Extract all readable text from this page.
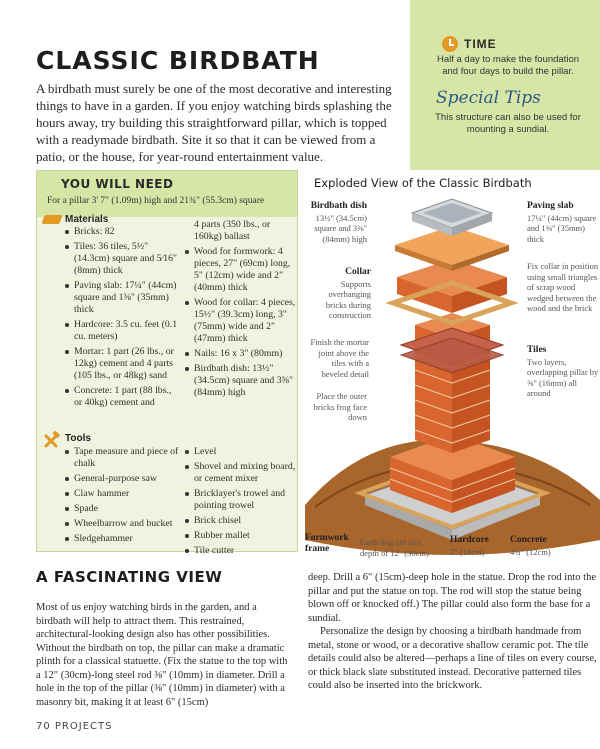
TIME
Half a day to make the foundation and four days to build the pillar.
Special Tips
This structure can also be used for mounting a sundial.
CLASSIC BIRDBATH

A birdbath must surely be one of the most decorative and interesting things to have in a garden. If you enjoy watching birds splashing the hours away, try building this straightforward pillar, which is topped with a readymade birdbath. Site it so that it can be viewed from a patio, or the house, for year-round entertainment value.

YOU WILL NEED
For a pillar 3' 7" (1.09m) high and 21¾" (55.3cm) square
Materials
Bricks: 82
Tiles: 36 tiles, 5½" (14.3cm) square and 5⁄16" (8mm) thick
Paving slab: 17¼" (44cm) square and 1⅜" (35mm) thick
Hardcore: 3.5 cu. feet (0.1 cu. meters)
Mortar: 1 part (26 lbs., or 12kg) cement and 4 parts (105 lbs., or 48kg) sand
Concrete: 1 part (88 lbs., or 40kg) cement and
4 parts (350 lbs., or 160kg) ballast
Wood for formwork: 4 pieces, 27" (69cm) long, 5" (12cm) wide and 2" (40mm) thick
Wood for collar: 4 pieces, 15½" (39.3cm) long, 3" (75mm) wide and 2" (47mm) thick
Nails: 16 x 3" (80mm)
Birdbath dish: 13½" (34.5cm) square and 3⅜" (84mm) high
Tools
Tape measure and piece of chalk
General-purpose saw
Claw hammer
Spade
Wheelbarrow and bucket
Sledgehammer
Level
Shovel and mixing board, or cement mixer
Bricklayer's trowel and pointing trowel
Brick chisel
Rubber mallet
Tile cutter
Exploded View of the Classic Birdbath
Birdbath dish
13½" (34.5cm) square and 3⅜" (84mm) high
Collar
Supports overhanging bricks during construction
Finish the mortar joint above the tiles with a beveled detail
Place the outer bricks frog face down
Paving slab
17¼" (44cm) square and 1⅜" (35mm) thick
Fix collar in position using small triangles of scrap wood wedged between the wood and the brick
Tiles
Two layers, overlapping pillar by ⅝" (16mm) all around
Formwork frame
Earth dug out to a depth of 12" (30cm)
Hardcore
7" (18cm)
Concrete
4¾" (12cm)
A FASCINATING VIEW

Most of us enjoy watching birds in the garden, and a birdbath will help to attract them. This restrained, architectural-looking design also has other possibilities. Without the birdbath on top, the pillar can make a dramatic plinth for a classical statuette. (Fix the statue to the top with a 12" (30cm)-long steel rod ⅜" (10mm) in diameter. Drill a hole in the top of the pillar (⅜" (10mm) in diameter) with a masonry bit, making it at least 6" (15cm)

deep. Drill a 6" (15cm)-deep hole in the statue. Drop the rod into the pillar and put the statue on top. The rod will stop the statue being blown off or knocked off.) The pillar could also form the base for a sundial.

Personalize the design by choosing a birdbath handmade from metal, stone or wood, or a decorative shallow ceramic pot. The tile details could also be altered—perhaps a line of tiles on every course, or thick black slate substituted instead. Decorative patterned tiles could also be inserted into the brickwork.

70 PROJECTS
